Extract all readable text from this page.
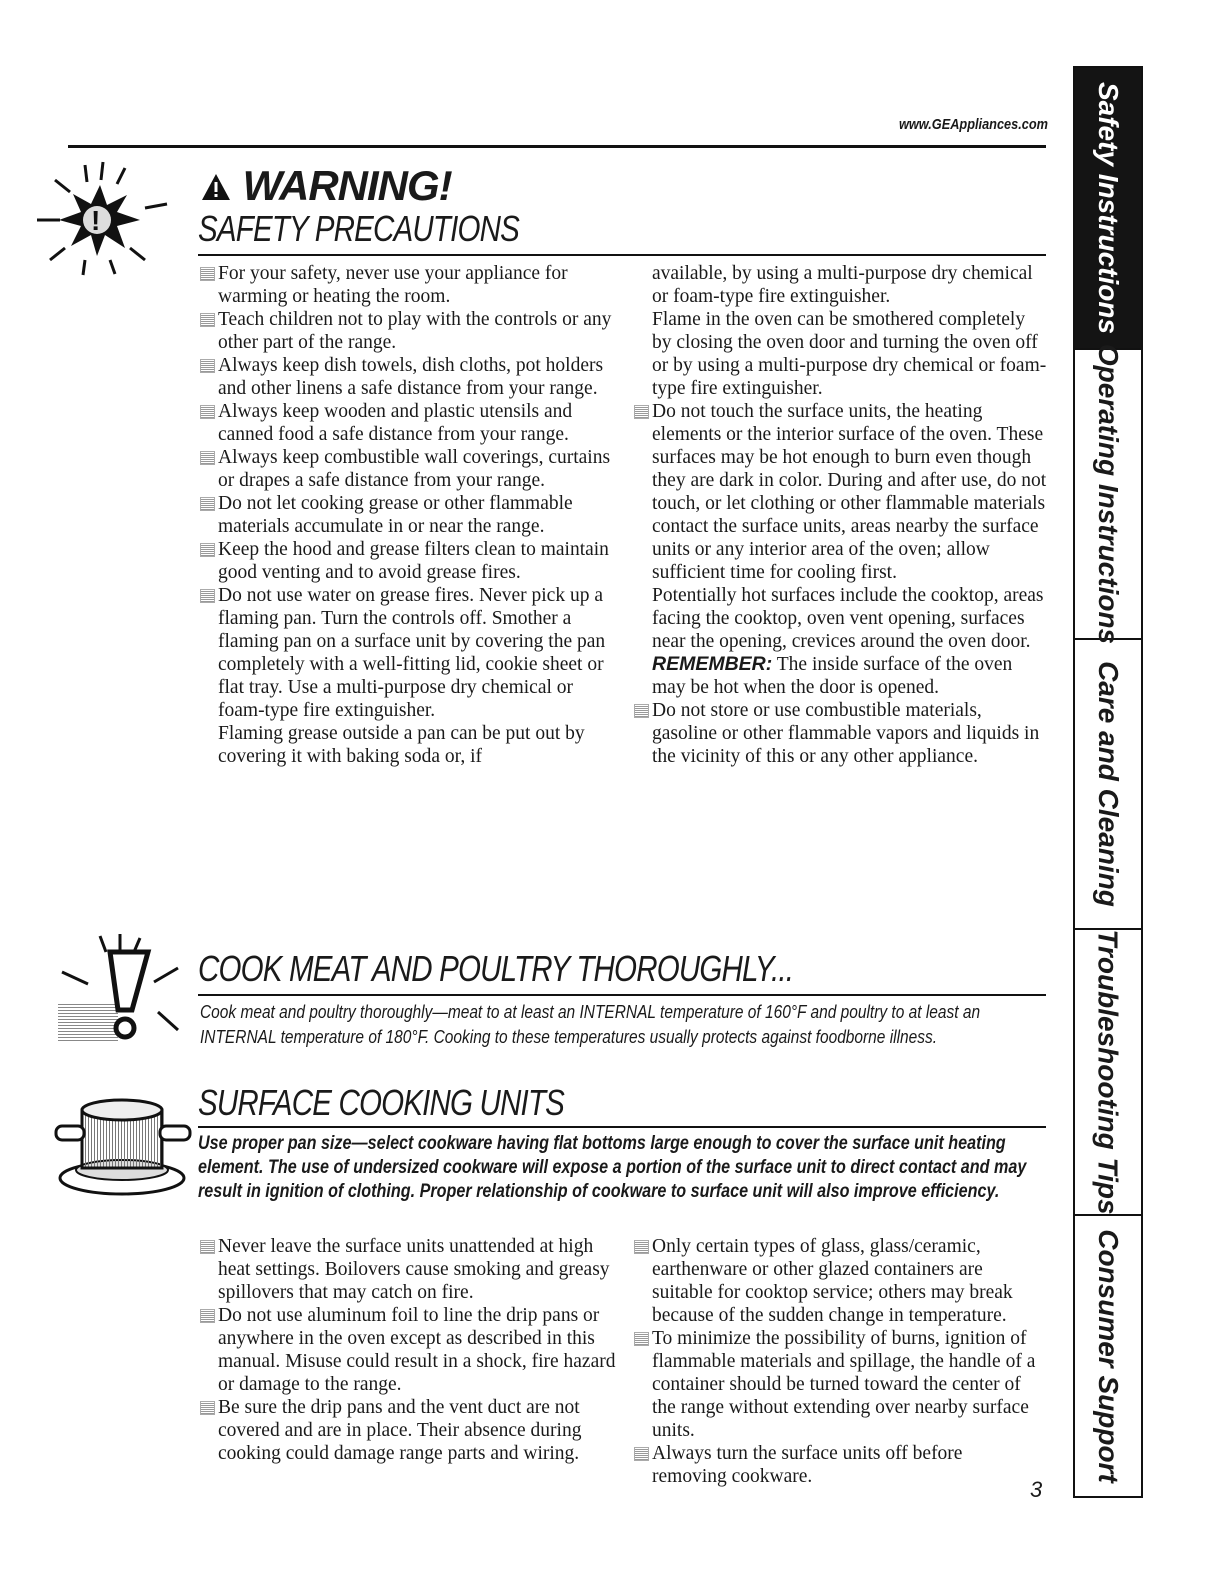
www.GEAppliances.com
!
WARNING!
SAFETY PRECAUTIONS
For your safety, never use your appliance for warming or heating the room.
Teach children not to play with the controls or any other part of the range.
Always keep dish towels, dish cloths, pot holders and other linens a safe distance from your range.
Always keep wooden and plastic utensils and canned food a safe distance from your range.
Always keep combustible wall coverings, curtains or drapes a safe distance from your range.
Do not let cooking grease or other flammable materials accumulate in or near the range.
Keep the hood and grease filters clean to maintain good venting and to avoid grease fires.
Do not use water on grease fires. Never pick up a flaming pan. Turn the controls off. Smother a flaming pan on a surface unit by covering the pan completely with a well-fitting lid, cookie sheet or flat tray. Use a multi-purpose dry chemical or foam-type fire extinguisher.

Flaming grease outside a pan can be put out by covering it with baking soda or, if

available, by using a multi-purpose dry chemical or foam-type fire extinguisher.

Flame in the oven can be smothered completely by closing the oven door and turning the oven off or by using a multi-purpose dry chemical or foam-type fire extinguisher.

Do not touch the surface units, the heating elements or the interior surface of the oven. These surfaces may be hot enough to burn even though they are dark in color. During and after use, do not touch, or let clothing or other flammable materials contact the surface units, areas nearby the surface units or any interior area of the oven; allow sufficient time for cooling first.

Potentially hot surfaces include the cooktop, areas facing the cooktop, oven vent opening, surfaces near the opening, crevices around the oven door.

REMEMBER: The inside surface of the oven may be hot when the door is opened.

Do not store or use combustible materials, gasoline or other flammable vapors and liquids in the vicinity of this or any other appliance.
COOK MEAT AND POULTRY THOROUGHLY...
Cook meat and poultry thoroughly—meat to at least an INTERNAL temperature of 160°F and poultry to at least an INTERNAL temperature of 180°F. Cooking to these temperatures usually protects against foodborne illness.
SURFACE COOKING UNITS
Use proper pan size—select cookware having flat bottoms large enough to cover the surface unit heating element. The use of undersized cookware will expose a portion of the surface unit to direct contact and may result in ignition of clothing. Proper relationship of cookware to surface unit will also improve efficiency.
Never leave the surface units unattended at high heat settings. Boilovers cause smoking and greasy spillovers that may catch on fire.
Do not use aluminum foil to line the drip pans or anywhere in the oven except as described in this manual. Misuse could result in a shock, fire hazard or damage to the range.
Be sure the drip pans and the vent duct are not covered and are in place. Their absence during cooking could damage range parts and wiring.
Only certain types of glass, glass/ceramic, earthenware or other glazed containers are suitable for cooktop service; others may break because of the sudden change in temperature.
To minimize the possibility of burns, ignition of flammable materials and spillage, the handle of a container should be turned toward the center of the range without extending over nearby surface units.
Always turn the surface units off before removing cookware.
Safety Instructions
Operating Instructions
Care and Cleaning
Troubleshooting Tips
Consumer Support
3
